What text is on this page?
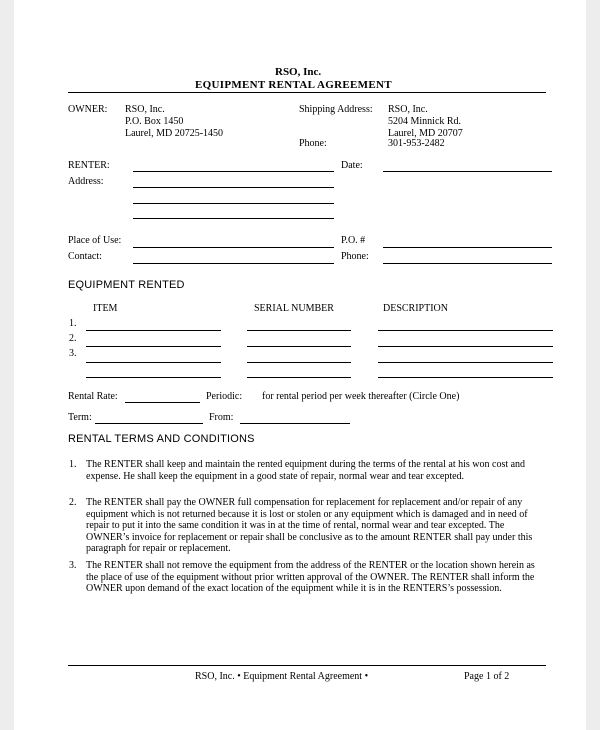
RSO, Inc.
EQUIPMENT RENTAL AGREEMENT
OWNER: RSO, Inc.
P.O. Box 1450
Laurel, MD 20725-1450
Shipping Address: RSO, Inc.
5204 Minnick Rd.
Laurel, MD 20707
Phone:	301-953-2482
RENTER:	Date:
Address:
Place of Use:	P.O. #
Contact:	Phone:
EQUIPMENT RENTED
ITEM	SERIAL NUMBER	DESCRIPTION
1.
2.
3.
Rental Rate:	Periodic: for rental period per week thereafter (Circle One)
Term:	From:
RENTAL TERMS AND CONDITIONS
1. The RENTER shall keep and maintain the rented equipment during the terms of the rental at his won cost and expense. He shall keep the equipment in a good state of repair, normal wear and tear excepted.
2. The RENTER shall pay the OWNER full compensation for replacement for replacement and/or repair of any equipment which is not returned because it is lost or stolen or any equipment which is damaged and in need of repair to put it into the same condition it was in at the time of rental, normal wear and tear excepted. The OWNER’s invoice for replacement or repair shall be conclusive as to the amount RENTER shall pay under this paragraph for repair or replacement.
3. The RENTER shall not remove the equipment from the address of the RENTER or the location shown herein as the place of use of the equipment without prior written approval of the OWNER. The RENTER shall inform the OWNER upon demand of the exact location of the equipment while it is in the RENTERS’s possession.
RSO, Inc. • Equipment Rental Agreement •	Page 1 of 2
